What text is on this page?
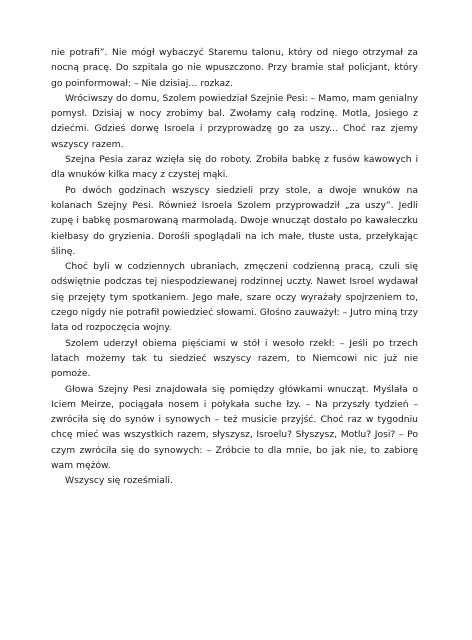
nie potrafi”. Nie mógł wybaczyć Staremu talonu, który od niego otrzymał za nocną pracę. Do szpitala go nie wpuszczono. Przy bramie stał policjant, który go poinformował: – Nie dzisiaj… rozkaz.

Wróciwszy do domu, Szolem powiedział Szejnie Pesi: – Mamo, mam genialny pomysł. Dzisiaj w nocy zrobimy bal. Zwołamy całą rodzinę. Motla, Josiego z dziećmi. Gdzieś dorwę Isroela i przyprowadzę go za uszy... Choć raz zjemy wszyscy razem.

Szejna Pesia zaraz wzięła się do roboty. Zrobiła babkę z fusów kawowych i dla wnuków kilka macy z czystej mąki.

Po dwóch godzinach wszyscy siedzieli przy stole, a dwoje wnuków na kolanach Szejny Pesi. Również Isroela Szolem przyprowadził „za uszy”. Jedli zupę i babkę posmarowaną marmoladą. Dwoje wnucząt dostało po kawałeczku kiełbasy do gryzienia. Dorośli spoglądali na ich małe, tłuste usta, przełykając ślinę.

Choć byli w codziennych ubraniach, zmęczeni codzienną pracą, czuli się odświętnie podczas tej niespodziewanej rodzinnej uczty. Nawet Isroel wydawał się przejęty tym spotkaniem. Jego małe, szare oczy wyrażały spojrzeniem to, czego nigdy nie potrafił powiedzieć słowami. Głośno zauważył: – Jutro miną trzy lata od rozpoczęcia wojny.

Szolem uderzył obiema pięściami w stół i wesoło rzekł: – Jeśli po trzech latach możemy tak tu siedzieć wszyscy razem, to Niemcowi nic już nie pomoże.

Głowa Szejny Pesi znajdowała się pomiędzy główkami wnucząt. Myślała o Iciem Meirze, pociągała nosem i połykała suche łzy. – Na przyszły tydzień – zwróciła się do synów i synowych – też musicie przyjść. Choć raz w tygodniu chcę mieć was wszystkich razem, słyszysz, Isroelu? Słyszysz, Motlu? Josi? – Po czym zwróciła się do synowych: – Zróbcie to dla mnie, bo jak nie, to zabiorę wam mężów.

Wszyscy się roześmiali.
